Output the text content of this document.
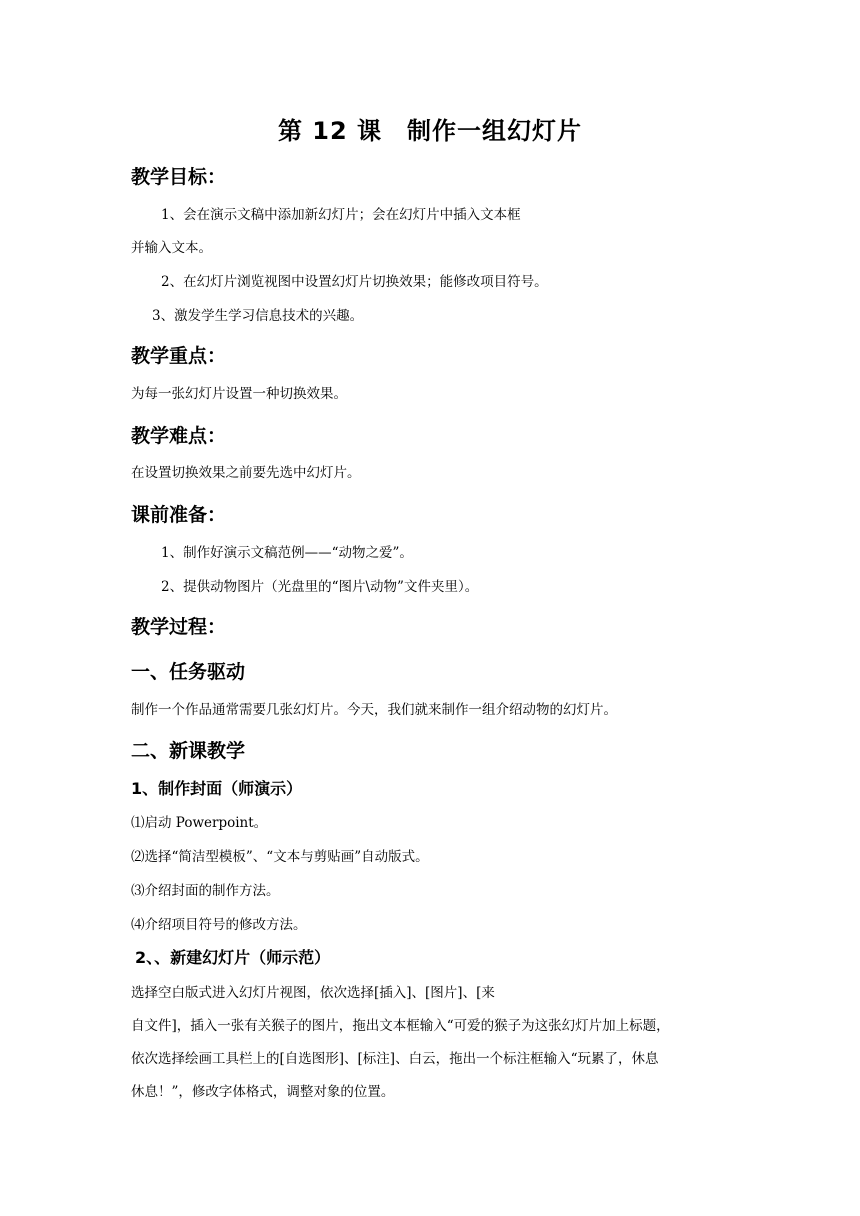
第 12 课　制作一组幻灯片
教学目标：
1、会在演示文稿中添加新幻灯片；会在幻灯片中插入文本框
并输入文本。
2、在幻灯片浏览视图中设置幻灯片切换效果；能修改项目符号。
3、激发学生学习信息技术的兴趣。
教学重点：
为每一张幻灯片设置一种切换效果。
教学难点：
在设置切换效果之前要先选中幻灯片。
课前准备：
1、制作好演示文稿范例——“动物之爱”。
2、提供动物图片（光盘里的“图片\动物”文件夹里）。
教学过程：
一、任务驱动
制作一个作品通常需要几张幻灯片。今天，我们就来制作一组介绍动物的幻灯片。
二、新课教学
1、制作封面（师演示）
⑴启动 Powerpoint。
⑵选择“简洁型模板”、“文本与剪贴画”自动版式。
⑶介绍封面的制作方法。
⑷介绍项目符号的修改方法。
2、、新建幻灯片（师示范）
选择空白版式进入幻灯片视图，依次选择[插入]、[图片]、[来
自文件]，插入一张有关猴子的图片，拖出文本框输入“可爱的猴子为这张幻灯片加上标题，
依次选择绘画工具栏上的[自选图形]、[标注]、白云，拖出一个标注框输入“玩累了，休息
休息！”，修改字体格式，调整对象的位置。
